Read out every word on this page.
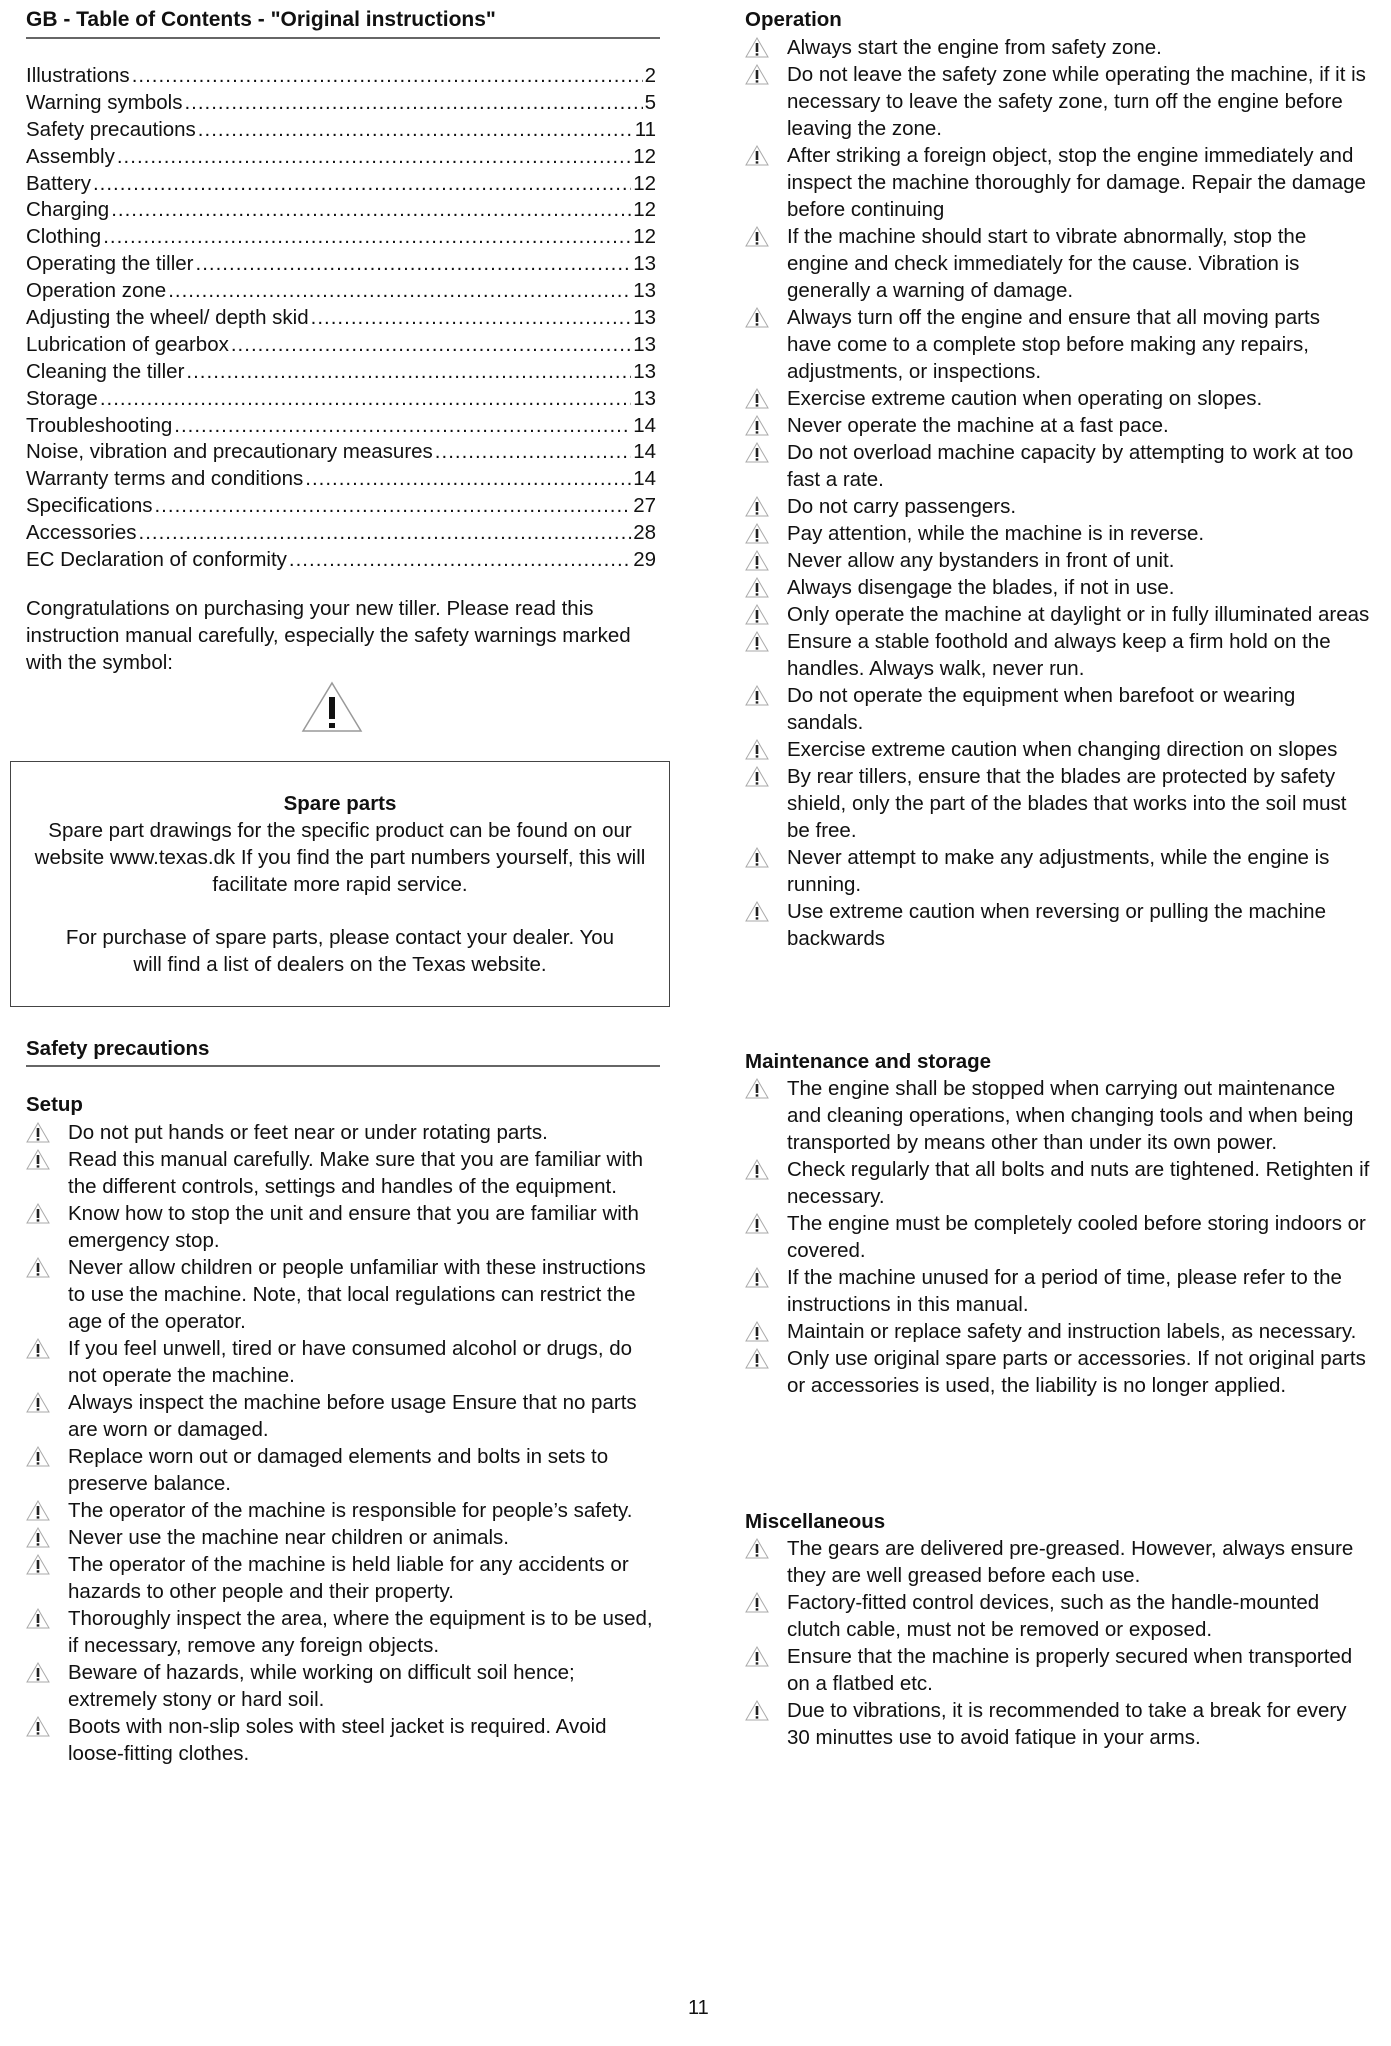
GB - Table of Contents - "Original instructions"
Illustrations .....	2
Warning symbols .....	5
Safety precautions .....	11
Assembly .....	12
Battery .....	12
Charging .....	12
Clothing .....	12
Operating the tiller .....	13
Operation zone .....	13
Adjusting the wheel/ depth skid .....	13
Lubrication of gearbox .....	13
Cleaning the tiller .....	13
Storage .....	13
Troubleshooting .....	14
Noise, vibration and precautionary measures .....	14
Warranty terms and conditions .....	14
Specifications .....	27
Accessories .....	28
EC Declaration of conformity .....	29
Congratulations on purchasing your new tiller. Please read this instruction manual carefully, especially the safety warnings marked with the symbol:
Spare parts

Spare part drawings for the specific product can be found on our website www.texas.dk If you find the part numbers yourself, this will facilitate more rapid service.

For purchase of spare parts, please contact your dealer. You will find a list of dealers on the Texas website.

Safety precautions
Setup
Do not put hands or feet near or under rotating parts.
Read this manual carefully. Make sure that you are familiar with the different controls, settings and handles of the equipment.
Know how to stop the unit and ensure that you are familiar with emergency stop.
Never allow children or people unfamiliar with these instructions to use the machine. Note, that local regulations can restrict the age of the operator.
If you feel unwell, tired or have consumed alcohol or drugs, do not operate the machine.
Always inspect the machine before usage Ensure that no parts are worn or damaged.
Replace worn out or damaged elements and bolts in sets to preserve balance.
The operator of the machine is responsible for people’s safety.
Never use the machine near children or animals.
The operator of the machine is held liable for any accidents or hazards to other people and their property.
Thoroughly inspect the area, where the equipment is to be used, if necessary, remove any foreign objects.
Beware of hazards, while working on difficult soil hence; extremely stony or hard soil.
Boots with non-slip soles with steel jacket is required. Avoid loose-fitting clothes.
Operation
Always start the engine from safety zone.
Do not leave the safety zone while operating the machine, if it is necessary to leave the safety zone, turn off the engine before leaving the zone.
After striking a foreign object, stop the engine immediately and inspect the machine thoroughly for damage. Repair the damage before continuing
If the machine should start to vibrate abnormally, stop the engine and check immediately for the cause. Vibration is generally a warning of damage.
Always turn off the engine and ensure that all moving parts have come to a complete stop before making any repairs, adjustments, or inspections.
Exercise extreme caution when operating on slopes.
Never operate the machine at a fast pace.
Do not overload machine capacity by attempting to work at too fast a rate.
Do not carry passengers.
Pay attention, while the machine is in reverse.
Never allow any bystanders in front of unit.
Always disengage the blades, if not in use.
Only operate the machine at daylight or in fully illuminated areas
Ensure a stable foothold and always keep a firm hold on the handles. Always walk, never run.
Do not operate the equipment when barefoot or wearing sandals.
Exercise extreme caution when changing direction on slopes
By rear tillers, ensure that the blades are protected by safety shield, only the part of the blades that works into the soil must be free.
Never attempt to make any adjustments, while the engine is running.
Use extreme caution when reversing or pulling the machine backwards
Maintenance and storage
The engine shall be stopped when carrying out maintenance and cleaning operations, when changing tools and when being transported by means other than under its own power.
Check regularly that all bolts and nuts are tightened. Retighten if necessary.
The engine must be completely cooled before storing indoors or covered.
If the machine unused for a period of time, please refer to the instructions in this manual.
Maintain or replace safety and instruction labels, as necessary.
Only use original spare parts or accessories. If not original parts or accessories is used, the liability is no longer applied.
Miscellaneous
The gears are delivered pre-greased. However, always ensure they are well greased before each use.
Factory-fitted control devices, such as the handle-mounted clutch cable, must not be removed or exposed.
Ensure that the machine is properly secured when transported on a flatbed etc.
Due to vibrations, it is recommended to take a break for every 30 minuttes use to avoid fatique in your arms.
11
